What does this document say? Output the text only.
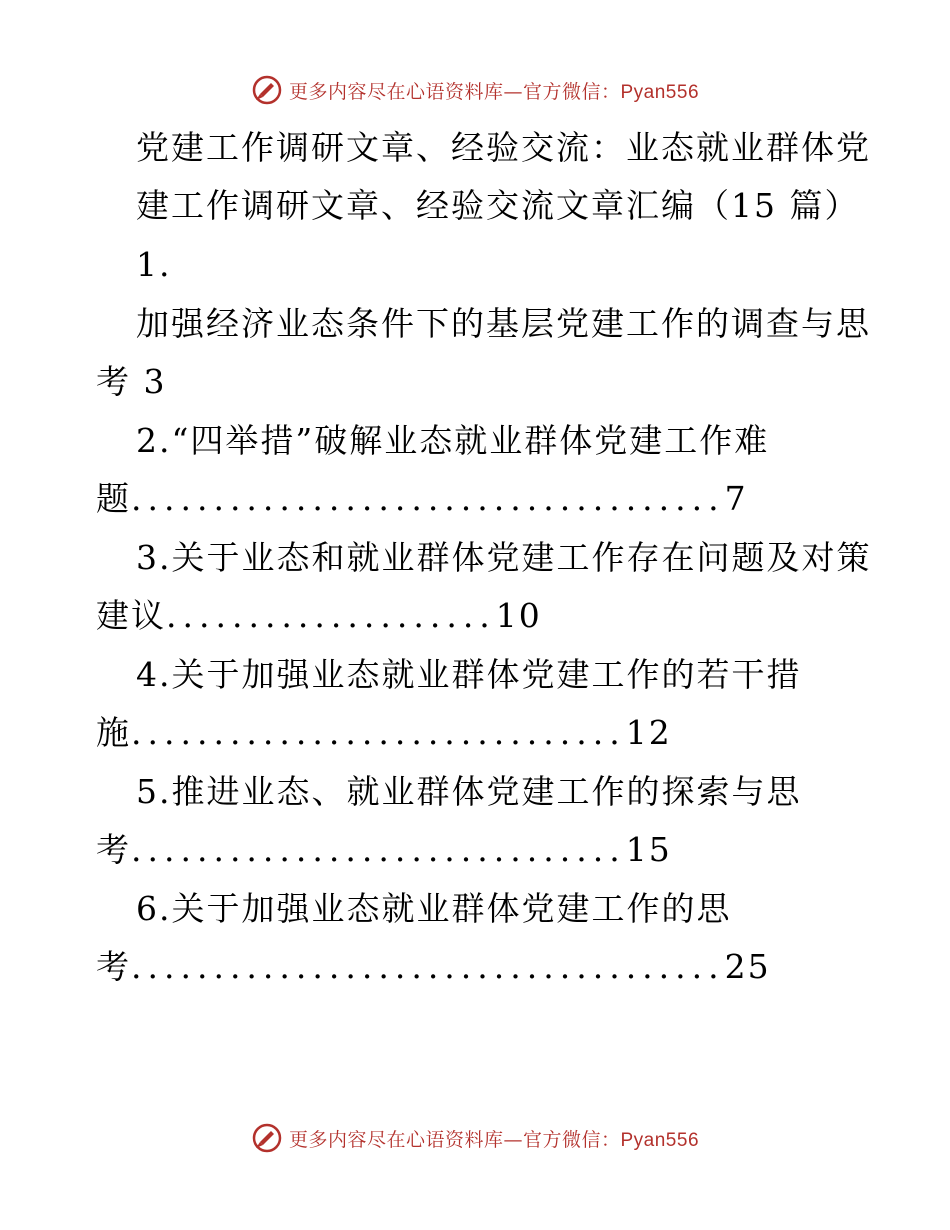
更多内容尽在心语资料库—官方微信：Pyan556
党建工作调研文章、经验交流：业态就业群体党
建工作调研文章、经验交流文章汇编（15 篇）
1.
加强经济业态条件下的基层党建工作的调查与思
考 3
2.“四举措”破解业态就业群体党建工作难
题....................................7
3.关于业态和就业群体党建工作存在问题及对策
建议....................10
4.关于加强业态就业群体党建工作的若干措
施..............................12
5.推进业态、就业群体党建工作的探索与思
考..............................15
6.关于加强业态就业群体党建工作的思
考....................................25
更多内容尽在心语资料库—官方微信：Pyan556
